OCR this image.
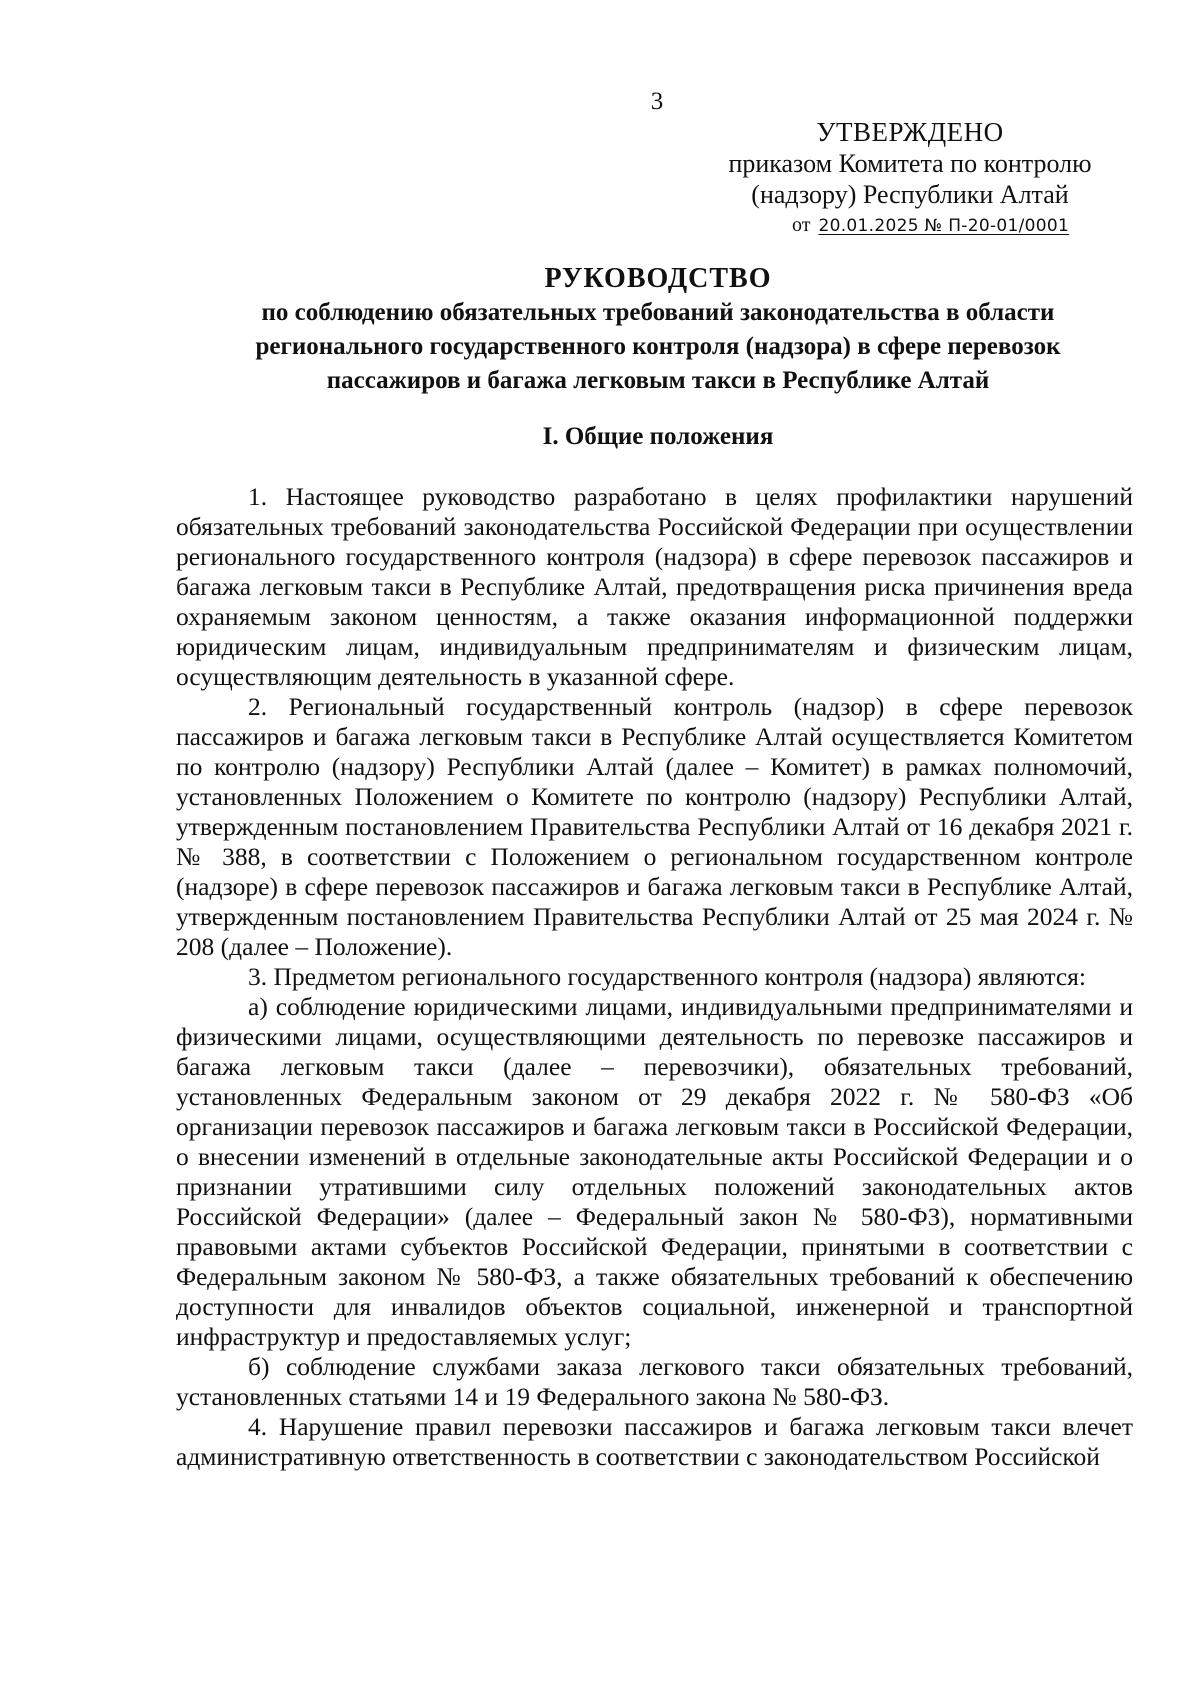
3
УТВЕРЖДЕНО
приказом Комитета по контролю
(надзору) Республики Алтай
от 20.01.2025 № П-20-01/0001
РУКОВОДСТВО
по соблюдению обязательных требований законодательства в области
регионального государственного контроля (надзора) в сфере перевозок
пассажиров и багажа легковым такси в Республике Алтай
I. Общие положения

1. Настоящее руководство разработано в целях профилактики нарушений обязательных требований законодательства Российской Федерации при осуществлении регионального государственного контроля (надзора) в сфере перевозок пассажиров и багажа легковым такси в Республике Алтай, предотвращения риска причинения вреда охраняемым законом ценностям, а также оказания информационной поддержки юридическим лицам, индивидуальным предпринимателям и физическим лицам, осуществляющим деятельность в указанной сфере.

2. Региональный государственный контроль (надзор) в сфере перевозок пассажиров и багажа легковым такси в Республике Алтай осуществляется Комитетом по контролю (надзору) Республики Алтай (далее – Комитет) в рамках полномочий, установленных Положением о Комитете по контролю (надзору) Республики Алтай, утвержденным постановлением Правительства Республики Алтай от 16 декабря 2021 г. № 388, в соответствии с Положением о региональном государственном контроле (надзоре) в сфере перевозок пассажиров и багажа легковым такси в Республике Алтай, утвержденным постановлением Правительства Республики Алтай от 25 мая 2024 г. № 208 (далее – Положение).

3. Предметом регионального государственного контроля (надзора) являются:

а) соблюдение юридическими лицами, индивидуальными предпринимателями и физическими лицами, осуществляющими деятельность по перевозке пассажиров и багажа легковым такси (далее – перевозчики), обязательных требований, установленных Федеральным законом от 29 декабря 2022 г. № 580-ФЗ «Об организации перевозок пассажиров и багажа легковым такси в Российской Федерации, о внесении изменений в отдельные законодательные акты Российской Федерации и о признании утратившими силу отдельных положений законодательных актов Российской Федерации» (далее – Федеральный закон № 580-ФЗ), нормативными правовыми актами субъектов Российской Федерации, принятыми в соответствии с Федеральным законом № 580-ФЗ, а также обязательных требований к обеспечению доступности для инвалидов объектов социальной, инженерной и транспортной инфраструктур и предоставляемых услуг;

б) соблюдение службами заказа легкового такси обязательных требований, установленных статьями 14 и 19 Федерального закона № 580-ФЗ.

4. Нарушение правил перевозки пассажиров и багажа легковым такси влечет административную ответственность в соответствии с законодательством Российской
